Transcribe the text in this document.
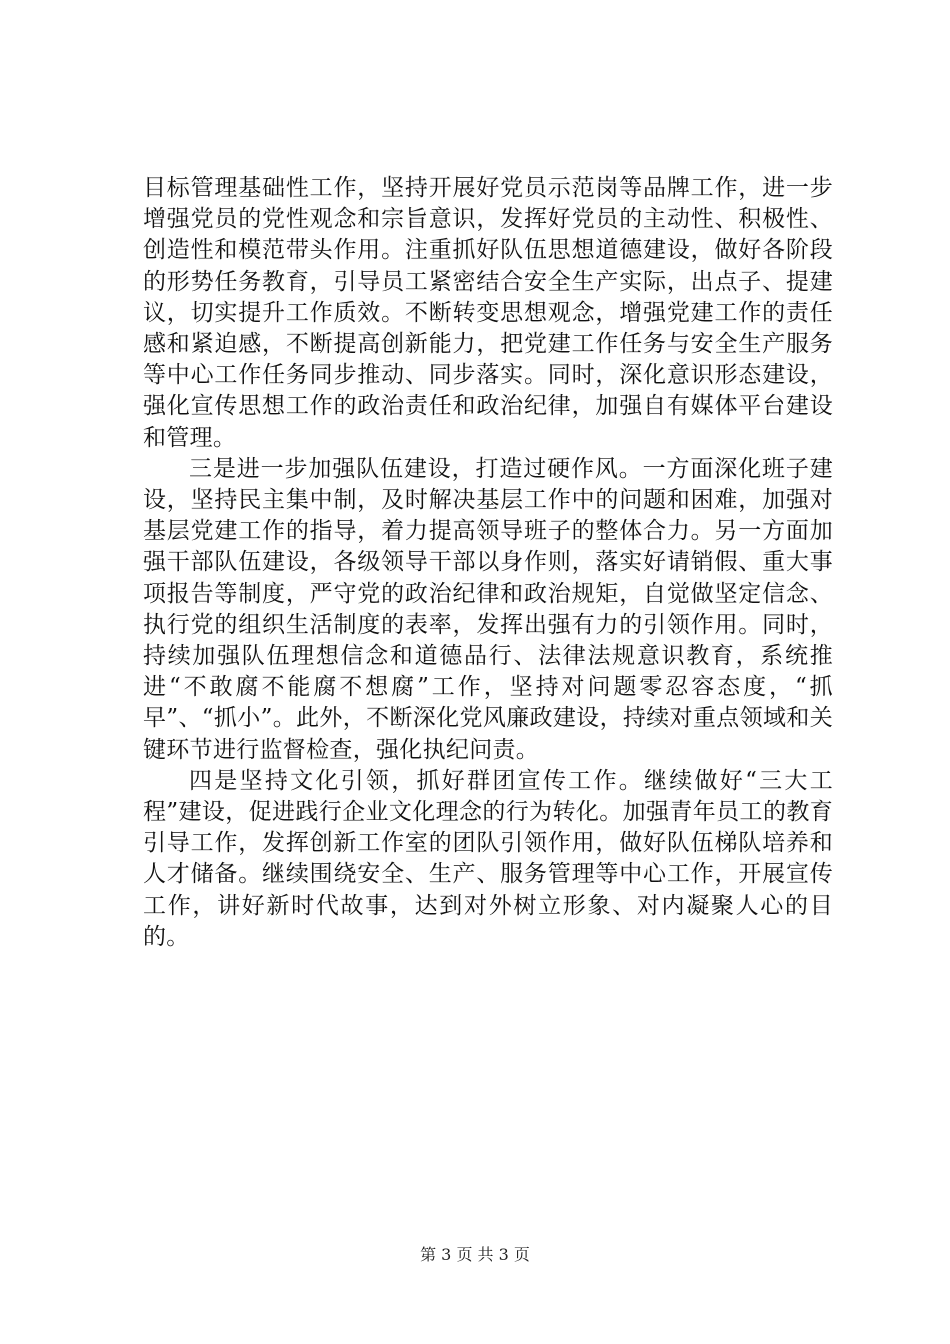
目标管理基础性工作，坚持开展好党员示范岗等品牌工作，进一步增强党员的党性观念和宗旨意识，发挥好党员的主动性、积极性、创造性和模范带头作用。注重抓好队伍思想道德建设，做好各阶段的形势任务教育，引导员工紧密结合安全生产实际，出点子、提建议，切实提升工作质效。不断转变思想观念，增强党建工作的责任感和紧迫感，不断提高创新能力，把党建工作任务与安全生产服务等中心工作任务同步推动、同步落实。同时，深化意识形态建设，强化宣传思想工作的政治责任和政治纪律，加强自有媒体平台建设和管理。

三是进一步加强队伍建设，打造过硬作风。一方面深化班子建设，坚持民主集中制，及时解决基层工作中的问题和困难，加强对基层党建工作的指导，着力提高领导班子的整体合力。另一方面加强干部队伍建设，各级领导干部以身作则，落实好请销假、重大事项报告等制度，严守党的政治纪律和政治规矩，自觉做坚定信念、执行党的组织生活制度的表率，发挥出强有力的引领作用。同时，持续加强队伍理想信念和道德品行、法律法规意识教育，系统推进“不敢腐不能腐不想腐”工作，坚持对问题零忍容态度，“抓早”、“抓小”。此外，不断深化党风廉政建设，持续对重点领域和关键环节进行监督检查，强化执纪问责。

四是坚持文化引领，抓好群团宣传工作。继续做好“三大工程”建设，促进践行企业文化理念的行为转化。加强青年员工的教育引导工作，发挥创新工作室的团队引领作用，做好队伍梯队培养和人才储备。继续围绕安全、生产、服务管理等中心工作，开展宣传工作，讲好新时代故事，达到对外树立形象、对内凝聚人心的目的。

第 3 页 共 3 页
